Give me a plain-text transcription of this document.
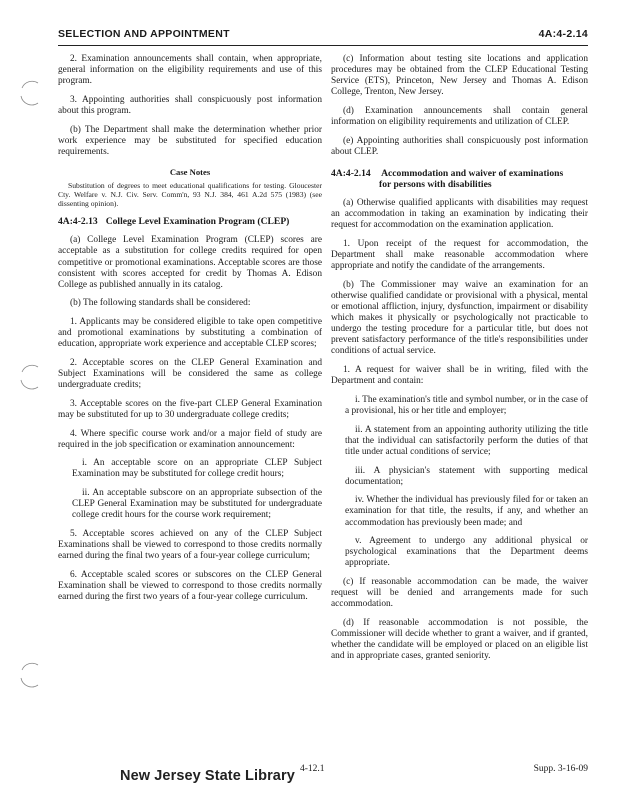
SELECTION AND APPOINTMENT	4A:4-2.14

2. Examination announcements shall contain, when appropriate, general information on the eligibility requirements and use of this program.

3. Appointing authorities shall conspicuously post information about this program.

(b) The Department shall make the determination whether prior work experience may be substituted for specified education requirements.

Case Notes

Substitution of degrees to meet educational qualifications for testing. Gloucester Cty. Welfare v. N.J. Civ. Serv. Comm'n, 93 N.J. 384, 461 A.2d 575 (1983) (see dissenting opinion).

4A:4-2.13 College Level Examination Program (CLEP)

(a) College Level Examination Program (CLEP) scores are acceptable as a substitution for college credits required for open competitive or promotional examinations. Acceptable scores are those consistent with scores accepted for credit by Thomas A. Edison College as published annually in its catalog.

(b) The following standards shall be considered:

1. Applicants may be considered eligible to take open competitive and promotional examinations by substituting a combination of education, appropriate work experience and acceptable CLEP scores;

2. Acceptable scores on the CLEP General Examination and Subject Examinations will be considered the same as college undergraduate credits;

3. Acceptable scores on the five-part CLEP General Examination may be substituted for up to 30 undergraduate college credits;

4. Where specific course work and/or a major field of study are required in the job specification or examination announcement:

i. An acceptable score on an appropriate CLEP Subject Examination may be substituted for college credit hours;

ii. An acceptable subscore on an appropriate subsection of the CLEP General Examination may be substituted for undergraduate college credit hours for the course work requirement;

5. Acceptable scores achieved on any of the CLEP Subject Examinations shall be viewed to correspond to those credits normally earned during the final two years of a four-year college curriculum;

6. Acceptable scaled scores or subscores on the CLEP General Examination shall be viewed to correspond to those credits normally earned during the first two years of a four-year college curriculum.

(c) Information about testing site locations and application procedures may be obtained from the CLEP Educational Testing Service (ETS), Princeton, New Jersey and Thomas A. Edison College, Trenton, New Jersey.

(d) Examination announcements shall contain general information on eligibility requirements and utilization of CLEP.

(e) Appointing authorities shall conspicuously post information about CLEP.

4A:4-2.14 Accommodation and waiver of examinations
for persons with disabilities

(a) Otherwise qualified applicants with disabilities may request an accommodation in taking an examination by indicating their request for accommodation on the examination application.

1. Upon receipt of the request for accommodation, the Department shall make reasonable accommodation where appropriate and notify the candidate of the arrangements.

(b) The Commissioner may waive an examination for an otherwise qualified candidate or provisional with a physical, mental or emotional affliction, injury, dysfunction, impairment or disability which makes it physically or psychologically not practicable to undergo the testing procedure for a particular title, but does not prevent satisfactory performance of the title's responsibilities under conditions of actual service.

1. A request for waiver shall be in writing, filed with the Department and contain:

i. The examination's title and symbol number, or in the case of a provisional, his or her title and employer;

ii. A statement from an appointing authority utilizing the title that the individual can satisfactorily perform the duties of that title under actual conditions of service;

iii. A physician's statement with supporting medical documentation;

iv. Whether the individual has previously filed for or taken an examination for that title, the results, if any, and whether an accommodation has previously been made; and

v. Agreement to undergo any additional physical or psychological examinations that the Department deems appropriate.

(c) If reasonable accommodation can be made, the waiver request will be denied and arrangements made for such accommodation.

(d) If reasonable accommodation is not possible, the Commissioner will decide whether to grant a waiver, and if granted, whether the candidate will be employed or placed on an eligible list and in appropriate cases, granted seniority.

New Jersey State Library 4-12.1	Supp. 3-16-09
